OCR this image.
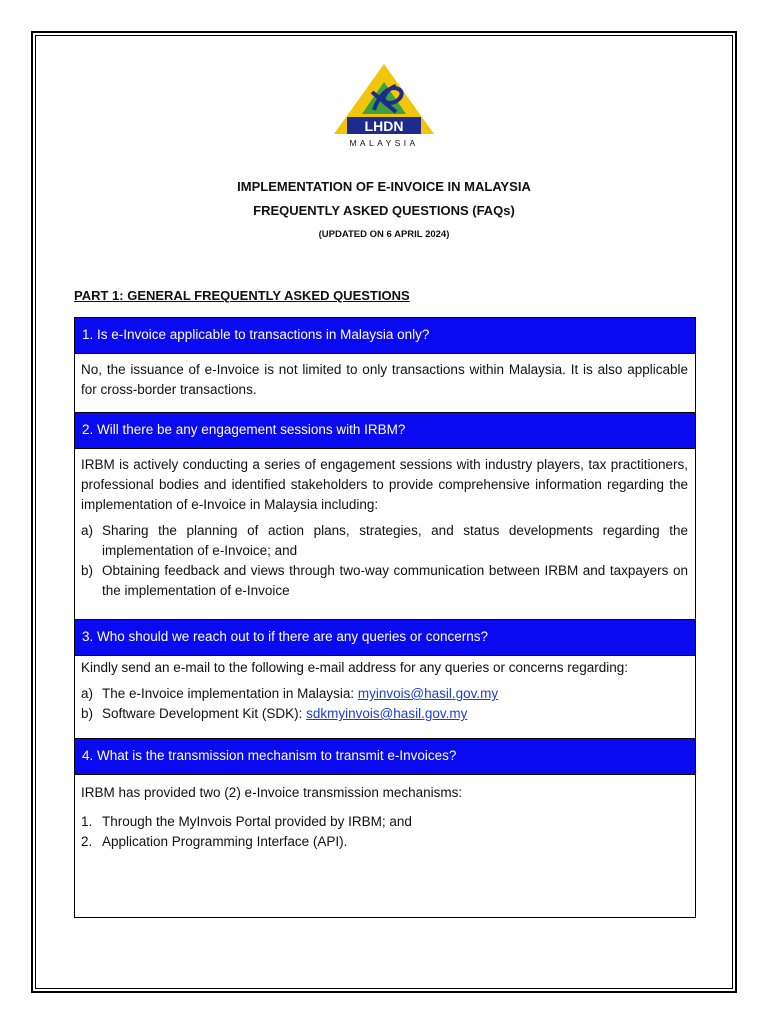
LHDN
MALAYSIA
IMPLEMENTATION OF E-INVOICE IN MALAYSIA
FREQUENTLY ASKED QUESTIONS (FAQs)
(UPDATED ON 6 APRIL 2024)
PART 1: GENERAL FREQUENTLY ASKED QUESTIONS
1. Is e-Invoice applicable to transactions in Malaysia only?

No, the issuance of e-Invoice is not limited to only transactions within Malaysia. It is also applicable for cross-border transactions.

2. Will there be any engagement sessions with IRBM?

IRBM is actively conducting a series of engagement sessions with industry players, tax practitioners, professional bodies and identified stakeholders to provide comprehensive information regarding the implementation of e-Invoice in Malaysia including:

a) Sharing the planning of action plans, strategies, and status developments regarding the implementation of e-Invoice; and
b) Obtaining feedback and views through two-way communication between IRBM and taxpayers on the implementation of e-Invoice
3. Who should we reach out to if there are any queries or concerns?

Kindly send an e-mail to the following e-mail address for any queries or concerns regarding:

a) The e-Invoice implementation in Malaysia: myinvois@hasil.gov.my
b) Software Development Kit (SDK): sdkmyinvois@hasil.gov.my
4. What is the transmission mechanism to transmit e-Invoices?

IRBM has provided two (2) e-Invoice transmission mechanisms:

1. Through the MyInvois Portal provided by IRBM; and
2. Application Programming Interface (API).
